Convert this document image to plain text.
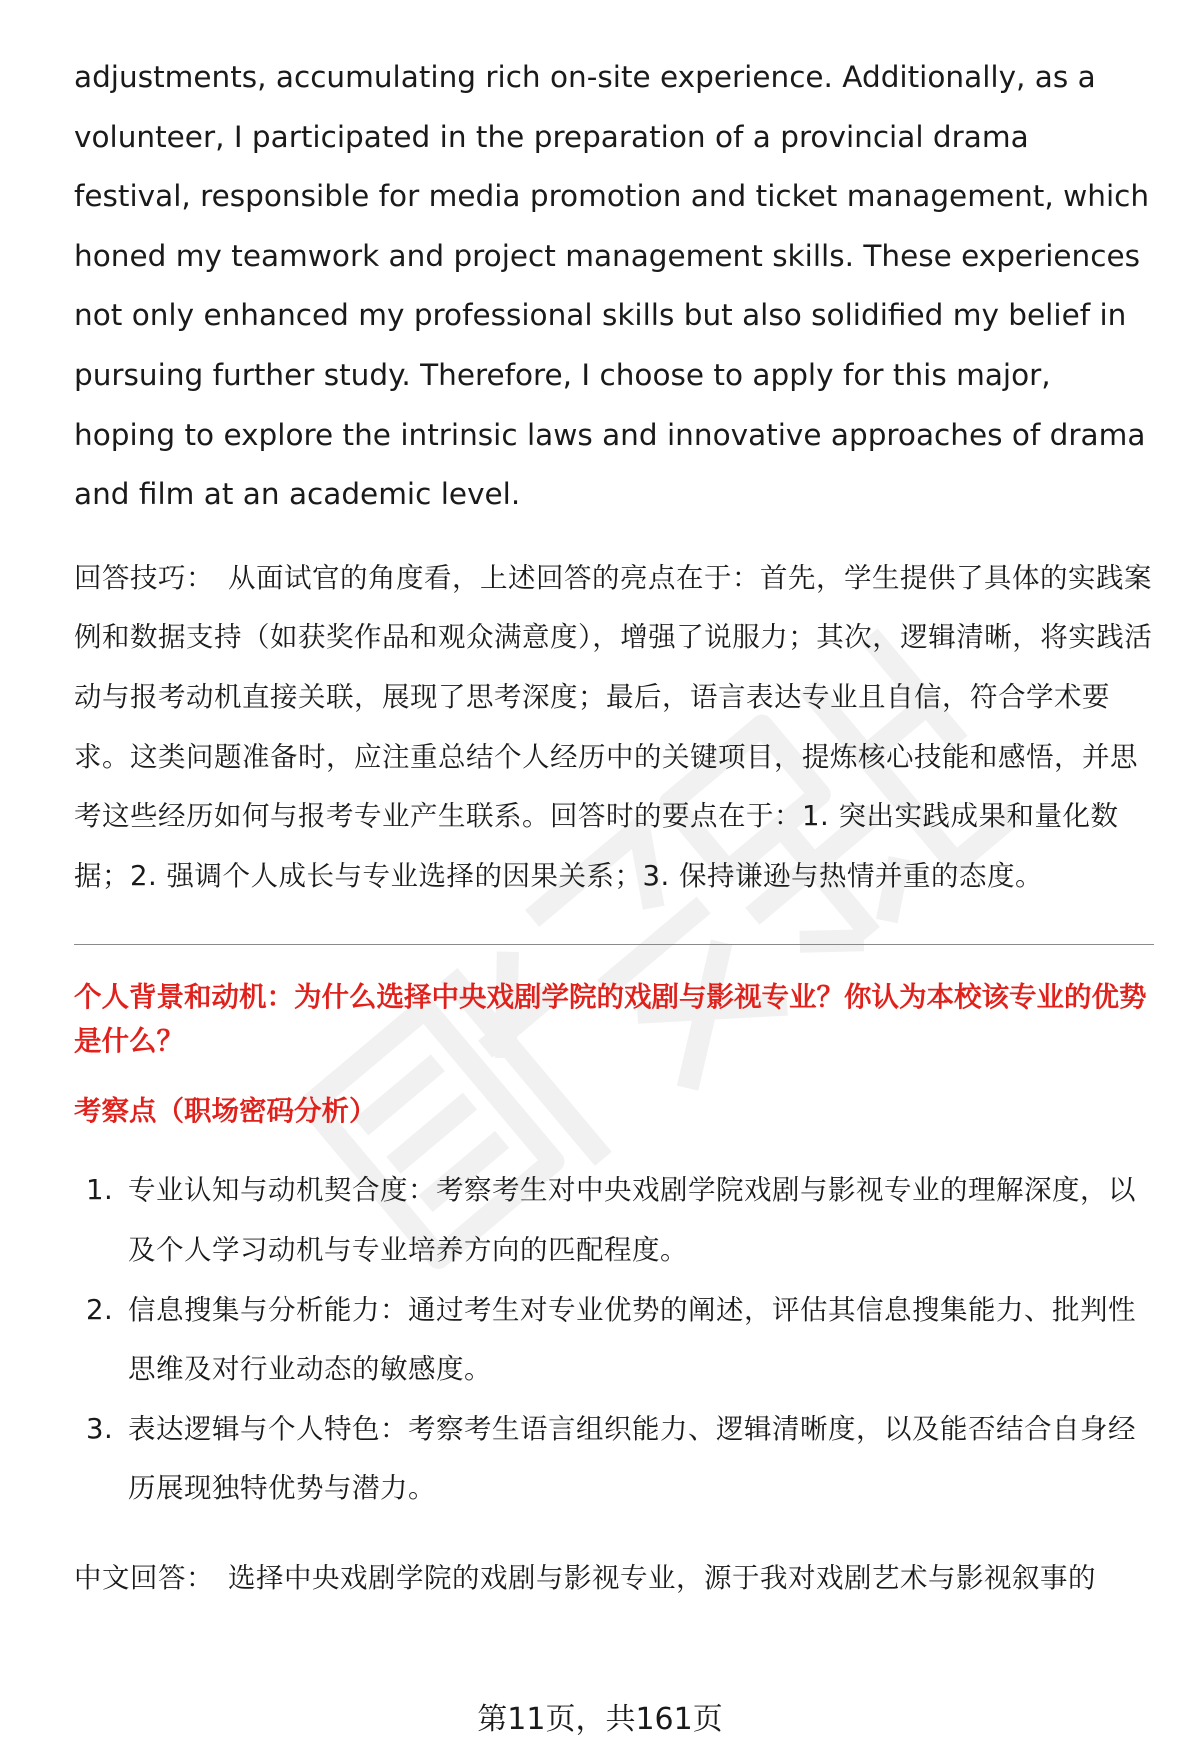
adjustments, accumulating rich on-site experience. Additionally, as a volunteer, I participated in the preparation of a provincial drama festival, responsible for media promotion and ticket management, which honed my teamwork and project management skills. These experiences not only enhanced my professional skills but also solidified my belief in pursuing further study. Therefore, I choose to apply for this major, hoping to explore the intrinsic laws and innovative approaches of drama and film at an academic level.

回答技巧： 从面试官的角度看，上述回答的亮点在于：首先，学生提供了具体的实践案例和数据支持（如获奖作品和观众满意度），增强了说服力；其次，逻辑清晰，将实践活动与报考动机直接关联，展现了思考深度；最后，语言表达专业且自信，符合学术要求。这类问题准备时，应注重总结个人经历中的关键项目，提炼核心技能和感悟，并思考这些经历如何与报考专业产生联系。回答时的要点在于：1. 突出实践成果和量化数据；2. 强调个人成长与专业选择的因果关系；3. 保持谦逊与热情并重的态度。

个人背景和动机：为什么选择中央戏剧学院的戏剧与影视专业？你认为本校该专业的优势是什么？
考察点（职场密码分析）
1. 专业认知与动机契合度：考察考生对中央戏剧学院戏剧与影视专业的理解深度，以及个人学习动机与专业培养方向的匹配程度。
2. 信息搜集与分析能力：通过考生对专业优势的阐述，评估其信息搜集能力、批判性思维及对行业动态的敏感度。
3. 表达逻辑与个人特色：考察考生语言组织能力、逻辑清晰度，以及能否结合自身经历展现独特优势与潜力。

中文回答： 选择中央戏剧学院的戏剧与影视专业，源于我对戏剧艺术与影视叙事的

第11页，共161页
